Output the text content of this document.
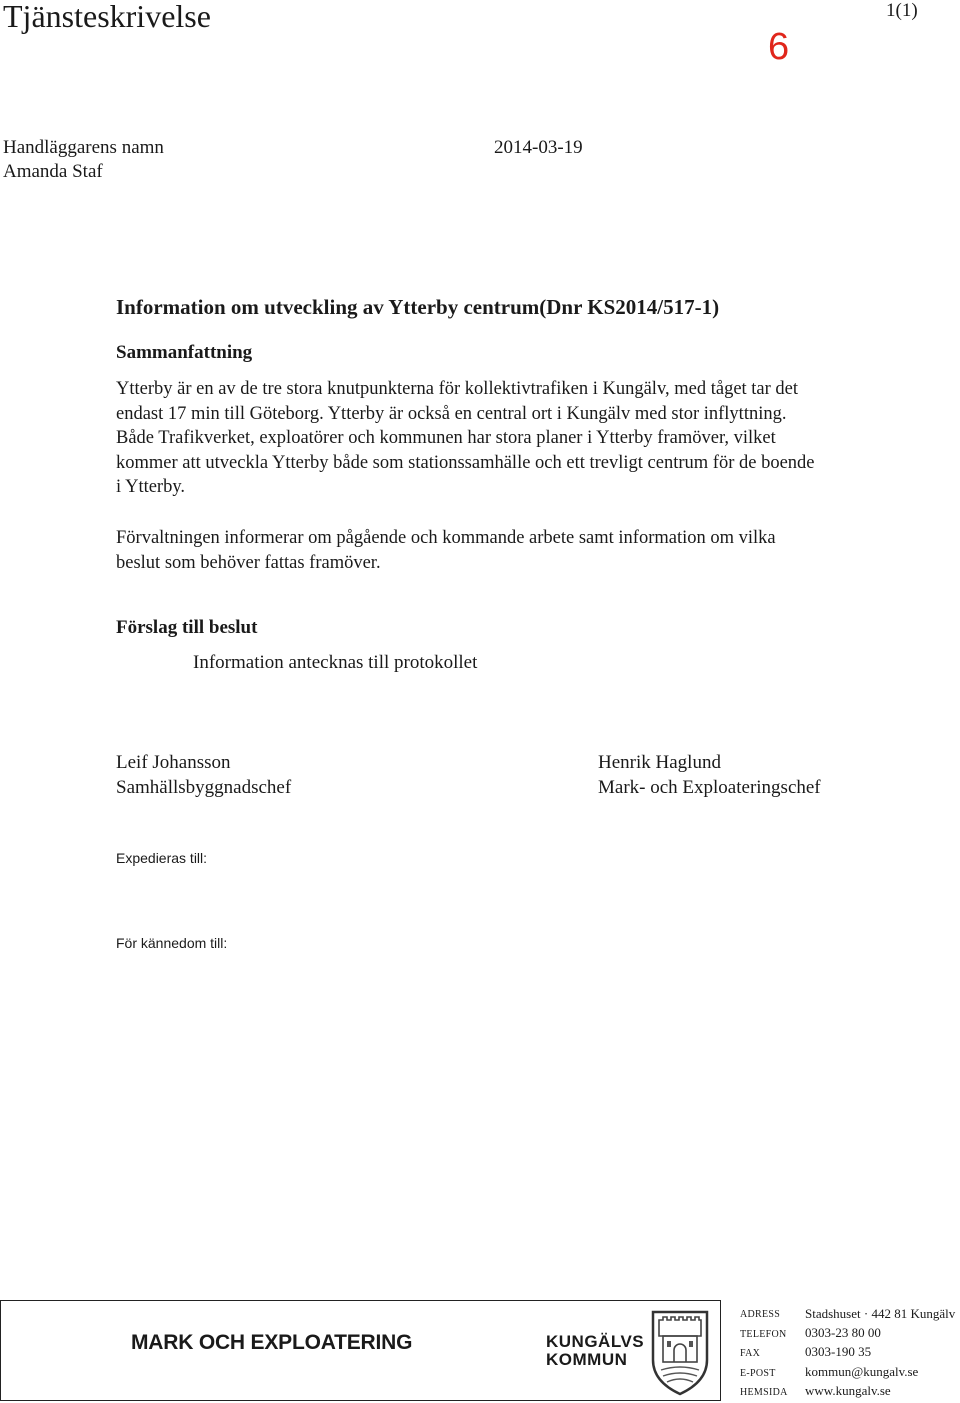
Tjänsteskrivelse
6
1(1)
Handläggarens namn
Amanda Staf
2014-03-19
Information om utveckling av Ytterby centrum(Dnr KS2014/517-1)
Sammanfattning
Ytterby är en av de tre stora knutpunkterna för kollektivtrafiken i Kungälv, med tåget tar det
endast 17 min till Göteborg. Ytterby är också en central ort i Kungälv med stor inflyttning.
Både Trafikverket, exploatörer och kommunen har stora planer i Ytterby framöver, vilket
kommer att utveckla Ytterby både som stationssamhälle och ett trevligt centrum för de boende
i Ytterby.
Förvaltningen informerar om pågående och kommande arbete samt information om vilka
beslut som behöver fattas framöver.
Förslag till beslut
Information antecknas till protokollet
Leif Johansson
Samhällsbyggnadschef
Henrik Haglund
Mark- och Exploateringschef
Expedieras till:
För kännedom till:
MARK OCH EXPLOATERING	KUNGÄLVS
KOMMUN
ADRESS Stadshuset · 442 81 Kungälv
TELEFON 0303-23 80 00
FAX	0303-190 35
E-POST kommun@kungalv.se
HEMSIDA www.kungalv.se
